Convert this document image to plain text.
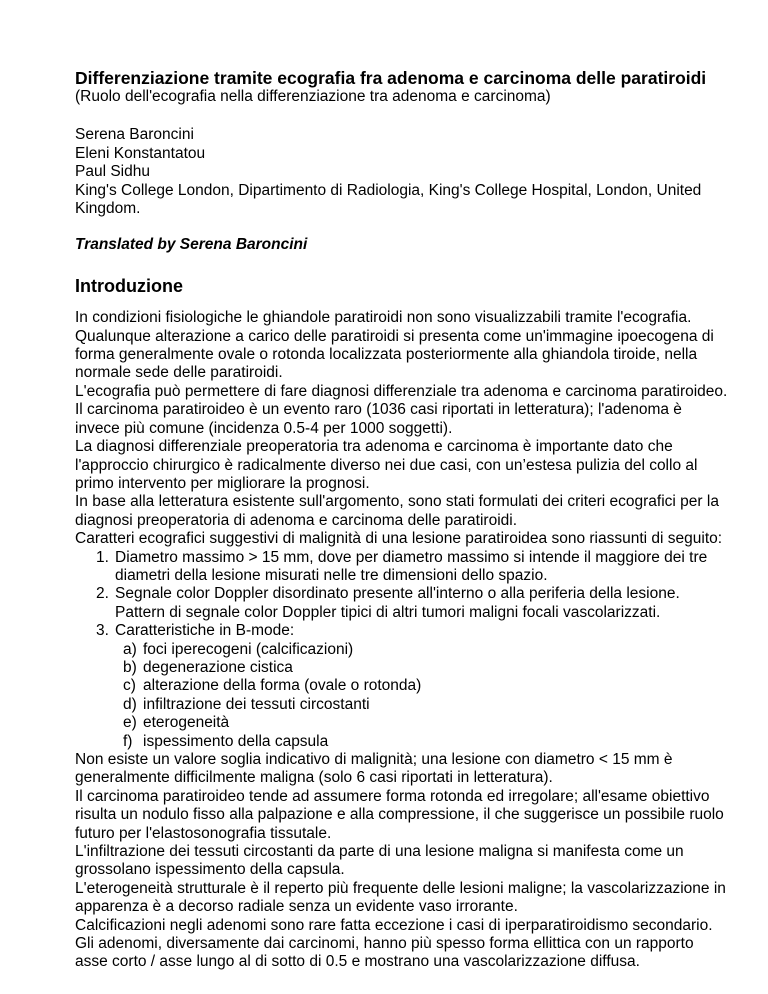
Differenziazione tramite ecografia fra adenoma e carcinoma delle paratiroidi

(Ruolo dell'ecografia nella differenziazione tra adenoma e carcinoma)

Serena Baroncini
Eleni Konstantatou
Paul Sidhu
King's College London, Dipartimento di Radiologia, King's College Hospital, London, United Kingdom.
Translated by Serena Baroncini
Introduzione

In condizioni fisiologiche le ghiandole paratiroidi non sono visualizzabili tramite l'ecografia. Qualunque alterazione a carico delle paratiroidi si presenta come un'immagine ipoecogena di forma generalmente ovale o rotonda localizzata posteriormente alla ghiandola tiroide, nella normale sede delle paratiroidi.

L'ecografia può permettere di fare diagnosi differenziale tra adenoma e carcinoma paratiroideo.

Il carcinoma paratiroideo è un evento raro (1036 casi riportati in letteratura); l'adenoma è invece più comune (incidenza 0.5-4 per 1000 soggetti).

La diagnosi differenziale preoperatoria tra adenoma e carcinoma è importante dato che l'approccio chirurgico è radicalmente diverso nei due casi, con un’estesa pulizia del collo al primo intervento per migliorare la prognosi.

In base alla letteratura esistente sull'argomento, sono stati formulati dei criteri ecografici per la diagnosi preoperatoria di adenoma e carcinoma delle paratiroidi.

Caratteri ecografici suggestivi di malignità di una lesione paratiroidea sono riassunti di seguito:

1. Diametro massimo > 15 mm, dove per diametro massimo si intende il maggiore dei tre diametri della lesione misurati nelle tre dimensioni dello spazio.
2. Segnale color Doppler disordinato presente all'interno o alla periferia della lesione. Pattern di segnale color Doppler tipici di altri tumori maligni focali vascolarizzati.
3. Caratteristiche in B-mode:
a) foci iperecogeni (calcificazioni)
b) degenerazione cistica
c) alterazione della forma (ovale o rotonda)
d) infiltrazione dei tessuti circostanti
e) eterogeneità
f) ispessimento della capsula

Non esiste un valore soglia indicativo di malignità; una lesione con diametro < 15 mm è generalmente difficilmente maligna (solo 6 casi riportati in letteratura).

Il carcinoma paratiroideo tende ad assumere forma rotonda ed irregolare; all'esame obiettivo risulta un nodulo fisso alla palpazione e alla compressione, il che suggerisce un possibile ruolo futuro per l'elastosonografia tissutale.

L'infiltrazione dei tessuti circostanti da parte di una lesione maligna si manifesta come un grossolano ispessimento della capsula.

L'eterogeneità strutturale è il reperto più frequente delle lesioni maligne; la vascolarizzazione in apparenza è a decorso radiale senza un evidente vaso irrorante.

Calcificazioni negli adenomi sono rare fatta eccezione i casi di iperparatiroidismo secondario.

Gli adenomi, diversamente dai carcinomi, hanno più spesso forma ellittica con un rapporto asse corto / asse lungo al di sotto di 0.5 e mostrano una vascolarizzazione diffusa.
